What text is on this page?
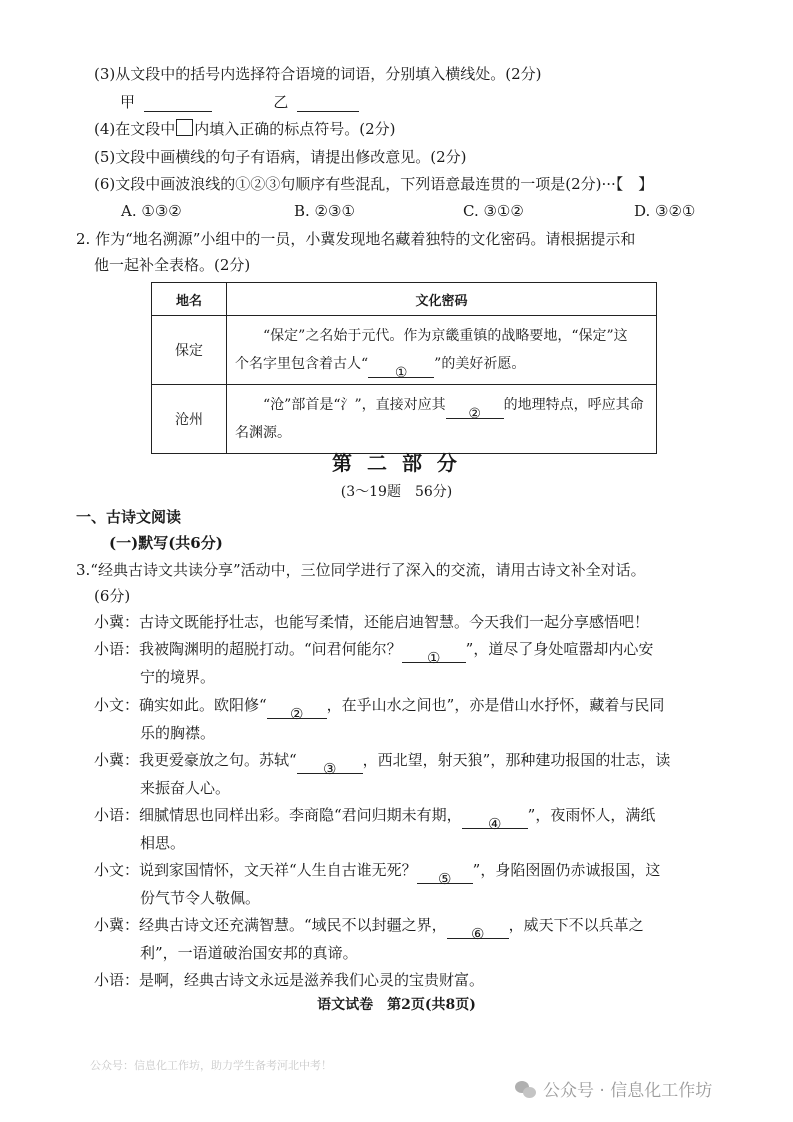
(3)从文段中的括号内选择符合语境的词语，分别填入横线处。(2分)
甲	乙
(4)在文段中 内填入正确的标点符号。(2分)
(5)文段中画横线的句子有语病，请提出修改意见。(2分)
(6)文段中画波浪线的①②③句顺序有些混乱，下列语意最连贯的一项是(2分)···【　】
A. ①③②	B. ②③①	C. ③①②	D. ③②①
2. 作为“地名溯源”小组中的一员，小冀发现地名藏着独特的文化密码。请根据提示和
他一起补全表格。(2分)
地名	文化密码
保定	“保定”之名始于元代。作为京畿重镇的战略要地，“保定”这
个名字里包含着古人“①”的美好祈愿。

沧州	“沧”部首是“氵”，直接对应其②的地理特点，呼应其命
名渊源。
第 二 部 分
(3～19题　56分)
一、古诗文阅读
(一)默写(共6分)
3.“经典古诗文共读分享”活动中，三位同学进行了深入的交流，请用古诗文补全对话。
(6分)
小冀：古诗文既能抒壮志，也能写柔情，还能启迪智慧。今天我们一起分享感悟吧！
小语：我被陶渊明的超脱打动。“问君何能尔？ ① ”，道尽了身处喧嚣却内心安
宁的境界。
小文：确实如此。欧阳修“ ② ，在乎山水之间也”，亦是借山水抒怀，藏着与民同
乐的胸襟。
小冀：我更爱豪放之句。苏轼“ ③ ，西北望，射天狼”，那种建功报国的壮志，读
来振奋人心。
小语：细腻情思也同样出彩。李商隐“君问归期未有期， ④ ”，夜雨怀人，满纸
相思。
小文：说到家国情怀，文天祥“人生自古谁无死？ ⑤ ”，身陷囹圄仍赤诚报国，这
份气节令人敬佩。
小冀：经典古诗文还充满智慧。“域民不以封疆之界， ⑥ ，威天下不以兵革之
利”，一语道破治国安邦的真谛。
小语：是啊，经典古诗文永远是滋养我们心灵的宝贵财富。
语文试卷　第2页(共8页)
公众号：信息化工作坊，助力学生备考河北中考！
公众号 · 信息化工作坊
